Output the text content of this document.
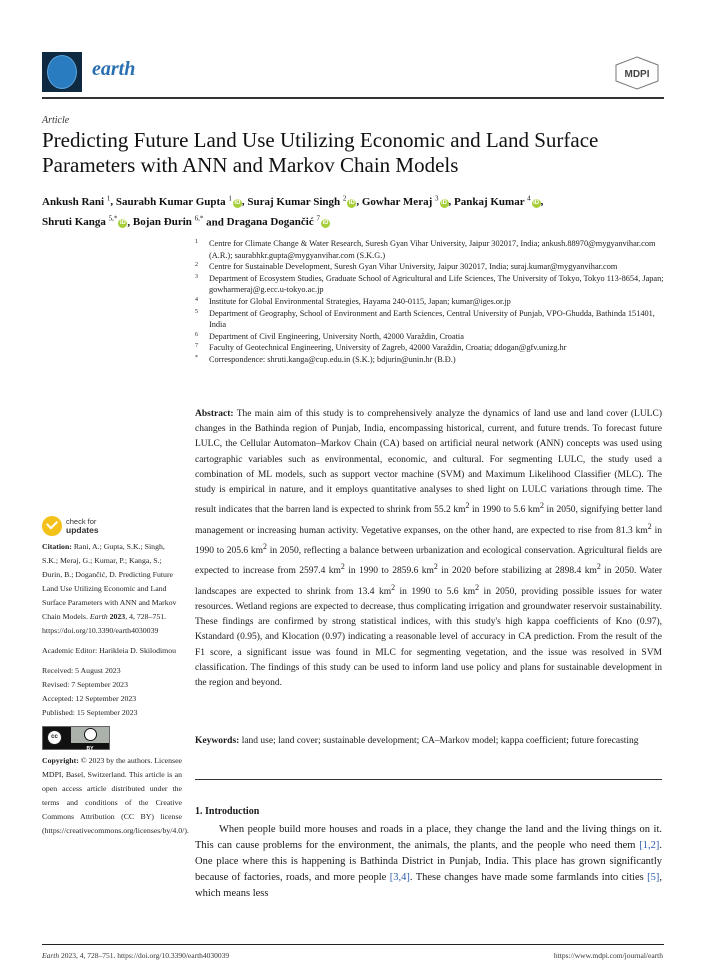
earth	MDPI
Article
Predicting Future Land Use Utilizing Economic and Land Surface Parameters with ANN and Markov Chain Models
Ankush Rani $^1$, Saurabh Kumar Gupta $^1$iD , Suraj Kumar Singh $^2$iD , Gowhar Meraj $^3$iD , Pankaj Kumar $^4$iD ,
Shruti Kanga $^{5,*}$iD , Bojan Đurin $^{6,*}$ and Dragana Dogančić $^7$iD
1 Centre for Climate Change & Water Research, Suresh Gyan Vihar University, Jaipur 302017, India; ankush.88970@mygyanvihar.com (A.R.); saurabhkr.gupta@mygyanvihar.com (S.K.G.)
2 Centre for Sustainable Development, Suresh Gyan Vihar University, Jaipur 302017, India; suraj.kumar@mygyanvihar.com
3 Department of Ecosystem Studies, Graduate School of Agricultural and Life Sciences, The University of Tokyo, Tokyo 113-8654, Japan; gowharmeraj@g.ecc.u-tokyo.ac.jp
4 Institute for Global Environmental Strategies, Hayama 240-0115, Japan; kumar@iges.or.jp
5 Department of Geography, School of Environment and Earth Sciences, Central University of Punjab, VPO-Ghudda, Bathinda 151401, India
6 Department of Civil Engineering, University North, 42000 Varaždin, Croatia
7 Faculty of Geotechnical Engineering, University of Zagreb, 42000 Varaždin, Croatia; ddogan@gfv.unizg.hr
* Correspondence: shruti.kanga@cup.edu.in (S.K.); bdjurin@unin.hr (B.Đ.)
Abstract: The main aim of this study is to comprehensively analyze the dynamics of land use and land cover (LULC) changes in the Bathinda region of Punjab, India, encompassing historical, current, and future trends. To forecast future LULC, the Cellular Automaton–Markov Chain (CA) based on artificial neural network (ANN) concepts was used using cartographic variables such as environmental, economic, and cultural. For segmenting LULC, the study used a combination of ML models, such as support vector machine (SVM) and Maximum Likelihood Classifier (MLC). The study is empirical in nature, and it employs quantitative analyses to shed light on LULC variations through time. The result indicates that the barren land is expected to shrink from 55.2 $km^2$ in 1990 to 5.6 $km^2$ in 2050, signifying better land management or increasing human activity. Vegetative expanses, on the other hand, are expected to rise from 81.3 $km^2$ in 1990 to 205.6 $km^2$ in 2050, reflecting a balance between urbanization and ecological conservation. Agricultural fields are expected to increase from 2597.4 $km^2$ in 1990 to 2859.6 $km^2$ in 2020 before stabilizing at 2898.4 $km^2$ in 2050. Water landscapes are expected to shrink from 13.4 $km^2$ in 1990 to 5.6 $km^2$ in 2050, providing possible issues for water resources. Wetland regions are expected to decrease, thus complicating irrigation and groundwater reservoir sustainability. These findings are confirmed by strong statistical indices, with this study's high kappa coefficients of Kno (0.97), Kstandard (0.95), and Klocation (0.97) indicating a reasonable level of accuracy in CA prediction. From the result of the F1 score, a significant issue was found in MLC for segmenting vegetation, and the issue was resolved in SVM classification. The findings of this study can be used to inform land use policy and plans for sustainable development in the region and beyond.
Keywords: land use; land cover; sustainable development; CA–Markov model; kappa coefficient; future forecasting
check for
updates
Citation: Rani, A.; Gupta, S.K.; Singh, S.K.; Meraj, G.; Kumar, P.; Kanga, S.; Đurin, B.; Dogančić, D. Predicting Future Land Use Utilizing Economic and Land Surface Parameters with ANN and Markov Chain Models. Earth 2023, 4, 728–751. https://doi.org/10.3390/earth4030039
Academic Editor: Harikleia D. Skilodimou
Received: 5 August 2023
Revised: 7 September 2023
Accepted: 12 September 2023
Published: 15 September 2023
cc
BY
Copyright: © 2023 by the authors. Licensee MDPI, Basel, Switzerland. This article is an open access article distributed under the terms and conditions of the Creative Commons Attribution (CC BY) license (https://creativecommons.org/licenses/by/4.0/).
1. Introduction

When people build more houses and roads in a place, they change the land and the living things on it. This can cause problems for the environment, the animals, the plants, and the people who need them [1,2]. One place where this is happening is Bathinda District in Punjab, India. This place has grown significantly because of factories, roads, and more people [3,4]. These changes have made some farmlands into cities [5], which means less

Earth 2023, 4, 728–751. https://doi.org/10.3390/earth4030039	https://www.mdpi.com/journal/earth
